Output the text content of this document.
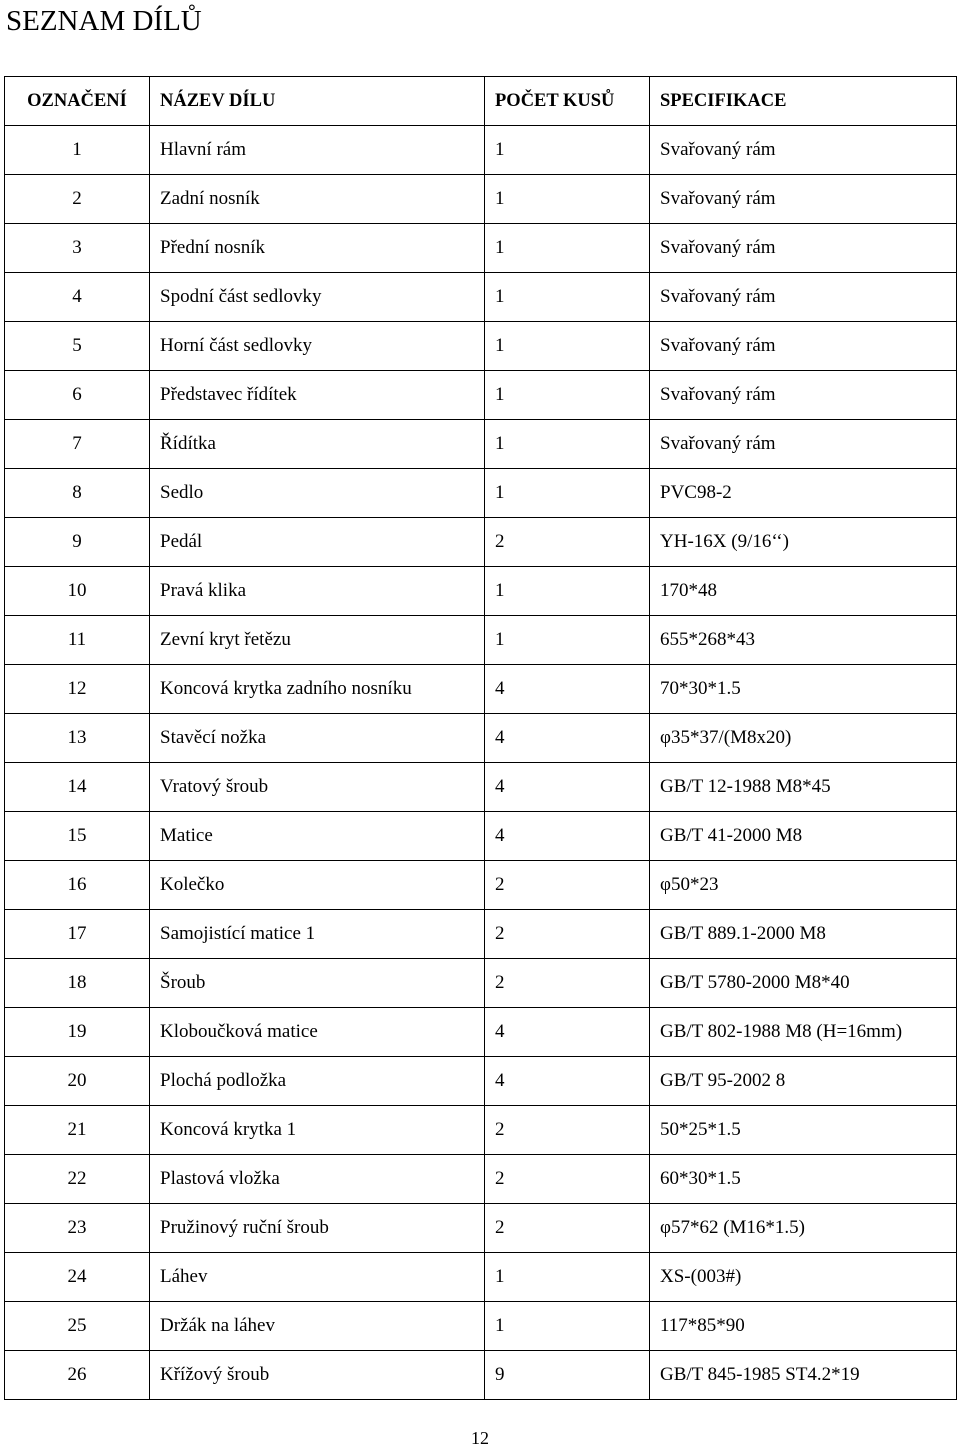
SEZNAM DÍLŮ
OZNAČENÍ	NÁZEV DÍLU	POČET KUSŮ	SPECIFIKACE
1	Hlavní rám	1	Svařovaný rám
2	Zadní nosník	1	Svařovaný rám
3	Přední nosník	1	Svařovaný rám
4	Spodní část sedlovky	1	Svařovaný rám
5	Horní část sedlovky	1	Svařovaný rám
6	Představec řídítek	1	Svařovaný rám
7	Řídítka	1	Svařovaný rám
8	Sedlo	1	PVC98-2
9	Pedál	2	YH-16X (9/16‘‘)
10	Pravá klika	1	170*48
11	Zevní kryt řetězu	1	655*268*43
12	Koncová krytka zadního nosníku	4	70*30*1.5
13	Stavěcí nožka	4	φ35*37/(M8x20)
14	Vratový šroub	4	GB/T 12-1988 M8*45
15	Matice	4	GB/T 41-2000 M8
16	Kolečko	2	φ50*23
17	Samojistící matice 1	2	GB/T 889.1-2000 M8
18	Šroub	2	GB/T 5780-2000 M8*40
19	Kloboučková matice	4	GB/T 802-1988 M8 (H=16mm)
20	Plochá podložka	4	GB/T 95-2002 8
21	Koncová krytka 1	2	50*25*1.5
22	Plastová vložka	2	60*30*1.5
23	Pružinový ruční šroub	2	φ57*62 (M16*1.5)
24	Láhev	1	XS-(003#)
25	Držák na láhev	1	117*85*90
26	Křížový šroub	9	GB/T 845-1985 ST4.2*19
12
